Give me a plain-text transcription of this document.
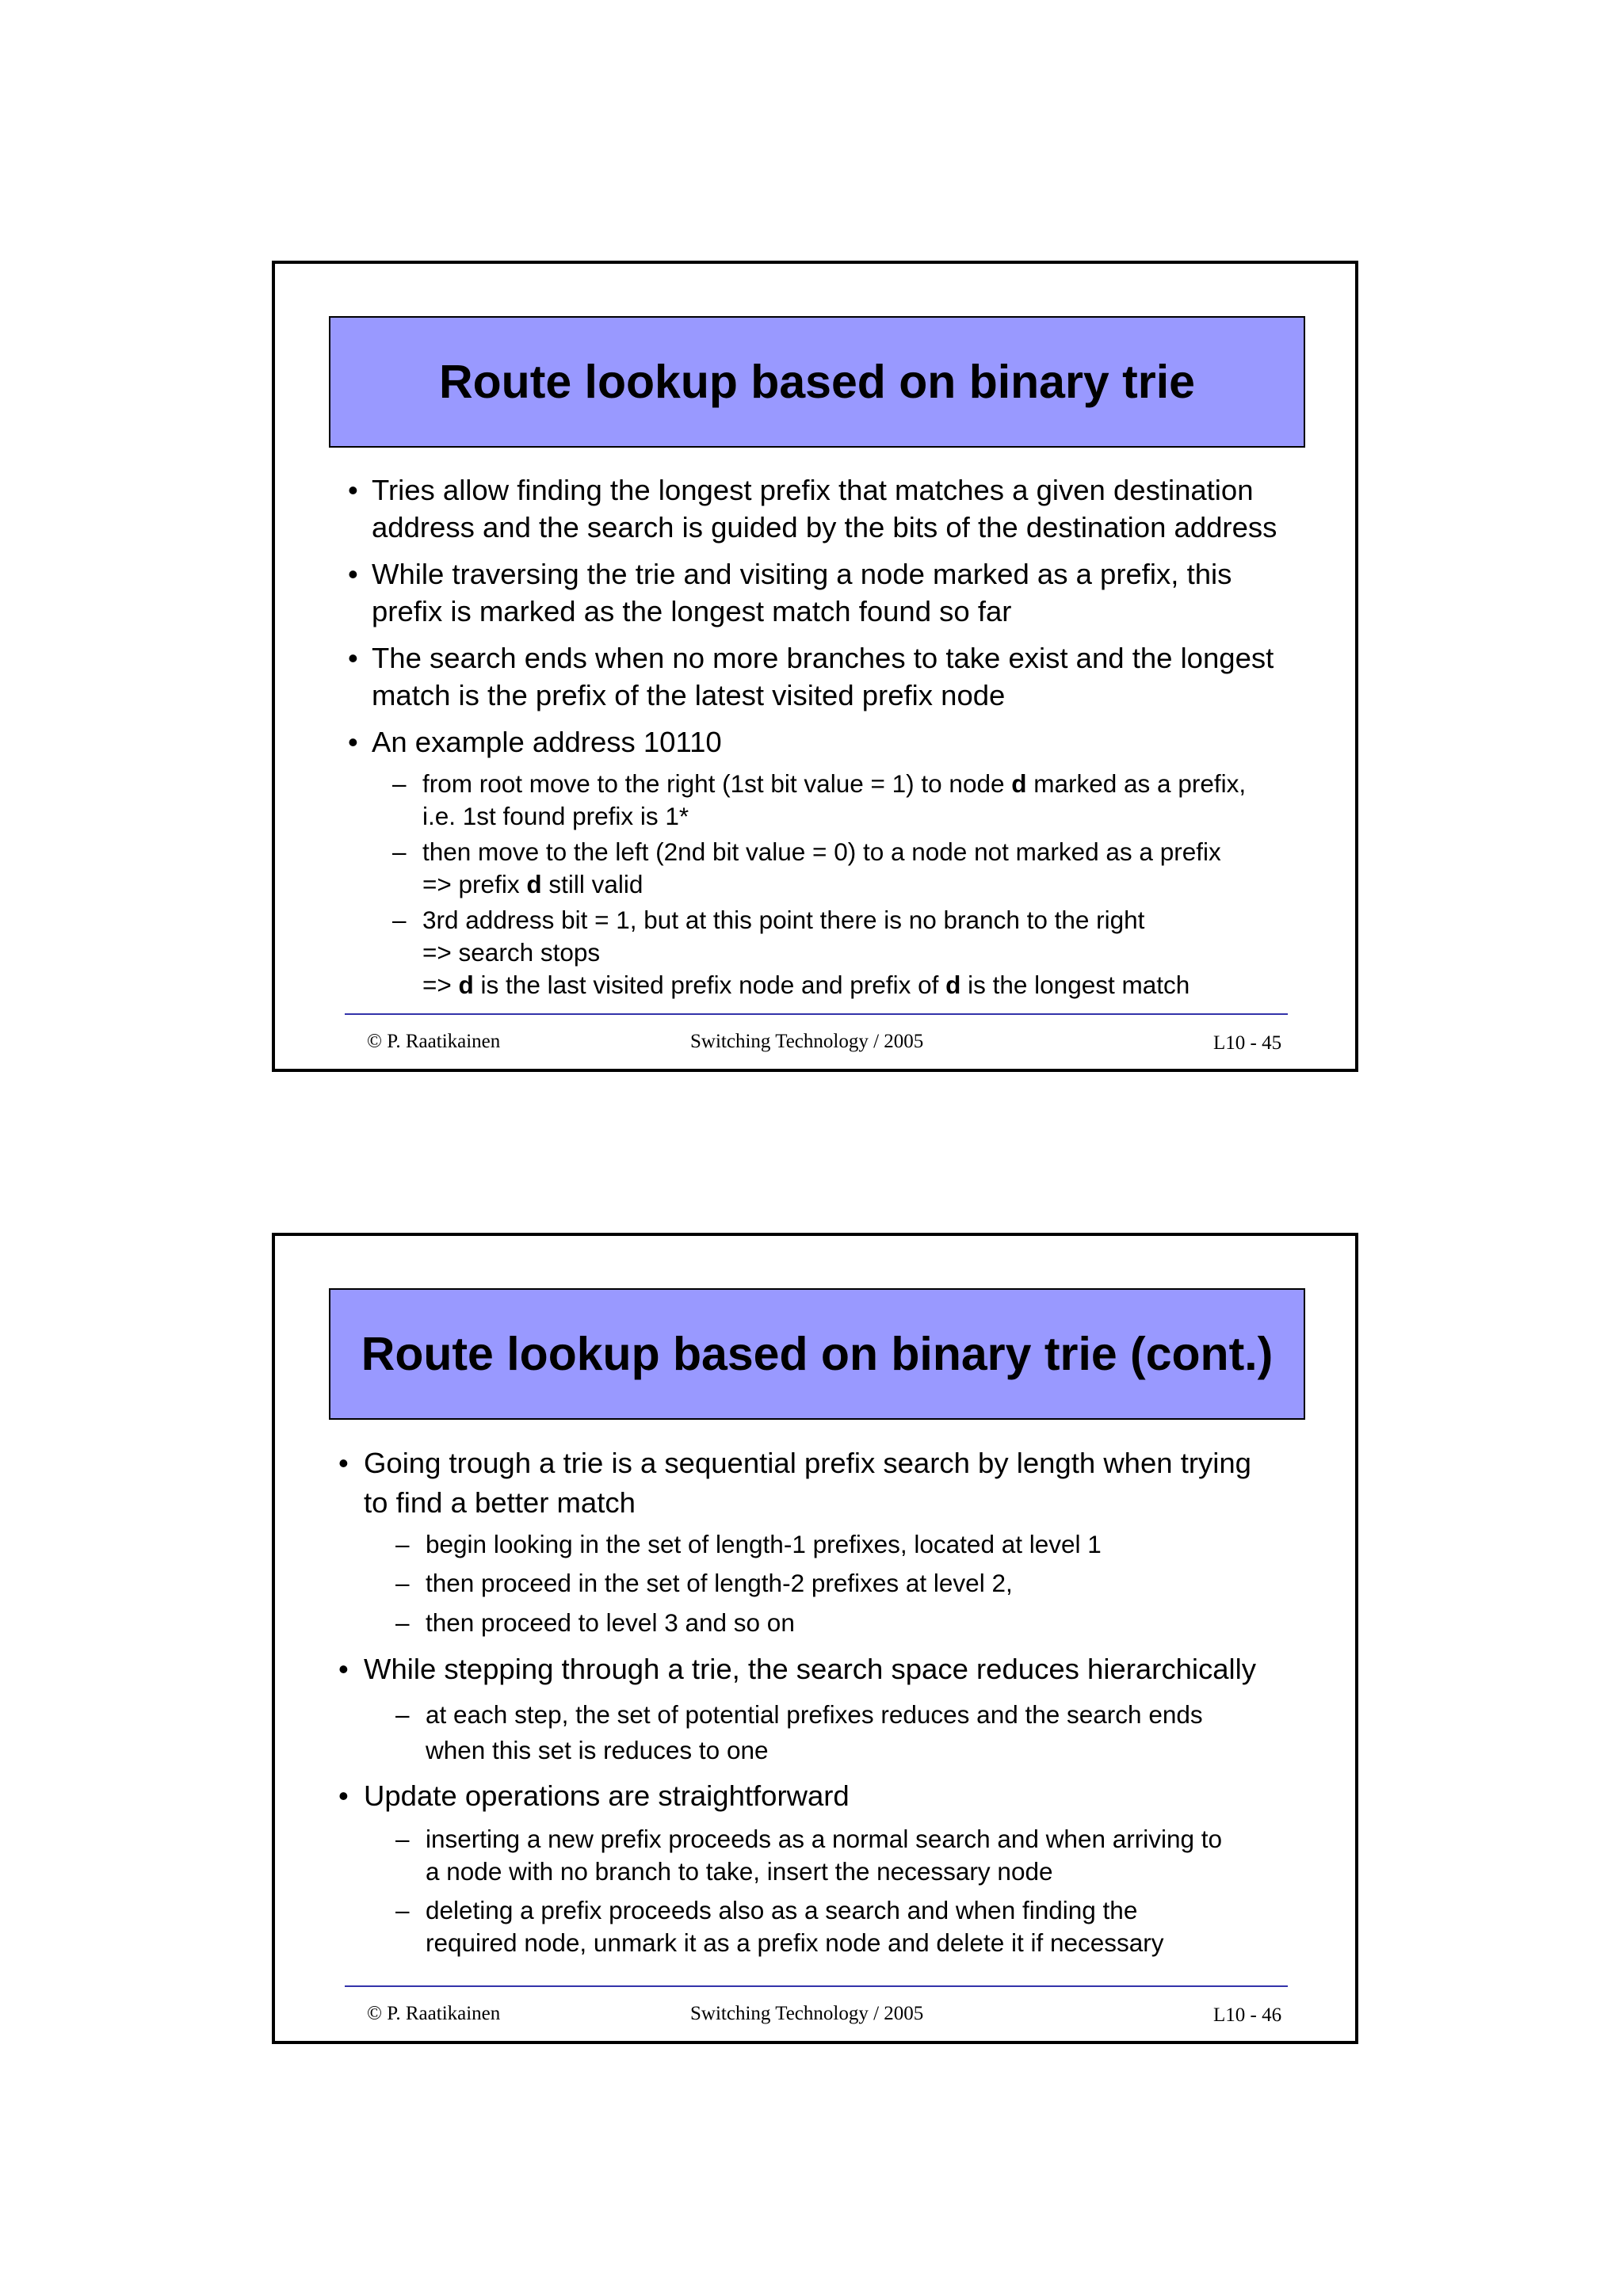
Route lookup based on binary trie
• Tries allow finding the longest prefix that matches a given destination
address and the search is guided by the bits of the destination address
• While traversing the trie and visiting a node marked as a prefix, this
prefix is marked as the longest match found so far
• The search ends when no more branches to take exist and the longest
match is the prefix of the latest visited prefix node
• An example address 10110
– from root move to the right (1st bit value = 1) to node d marked as a prefix,
i.e. 1st found prefix is 1*
– then move to the left (2nd bit value = 0) to a node not marked as a prefix
=> prefix d still valid
– 3rd address bit = 1, but at this point there is no branch to the right
=> search stops
=> d is the last visited prefix node and prefix of d is the longest match
© P. Raatikainen	Switching Technology / 2005	L10 - 45
Route lookup based on binary trie (cont.)
• Going trough a trie is a sequential prefix search by length when trying
to find a better match
– begin looking in the set of length-1 prefixes, located at level 1
– then proceed in the set of length-2 prefixes at level 2,
– then proceed to level 3 and so on
• While stepping through a trie, the search space reduces hierarchically
– at each step, the set of potential prefixes reduces and the search ends
when this set is reduces to one
• Update operations are straightforward
– inserting a new prefix proceeds as a normal search and when arriving to
a node with no branch to take, insert the necessary node
– deleting a prefix proceeds also as a search and when finding the
required node, unmark it as a prefix node and delete it if necessary
© P. Raatikainen	Switching Technology / 2005	L10 - 46
